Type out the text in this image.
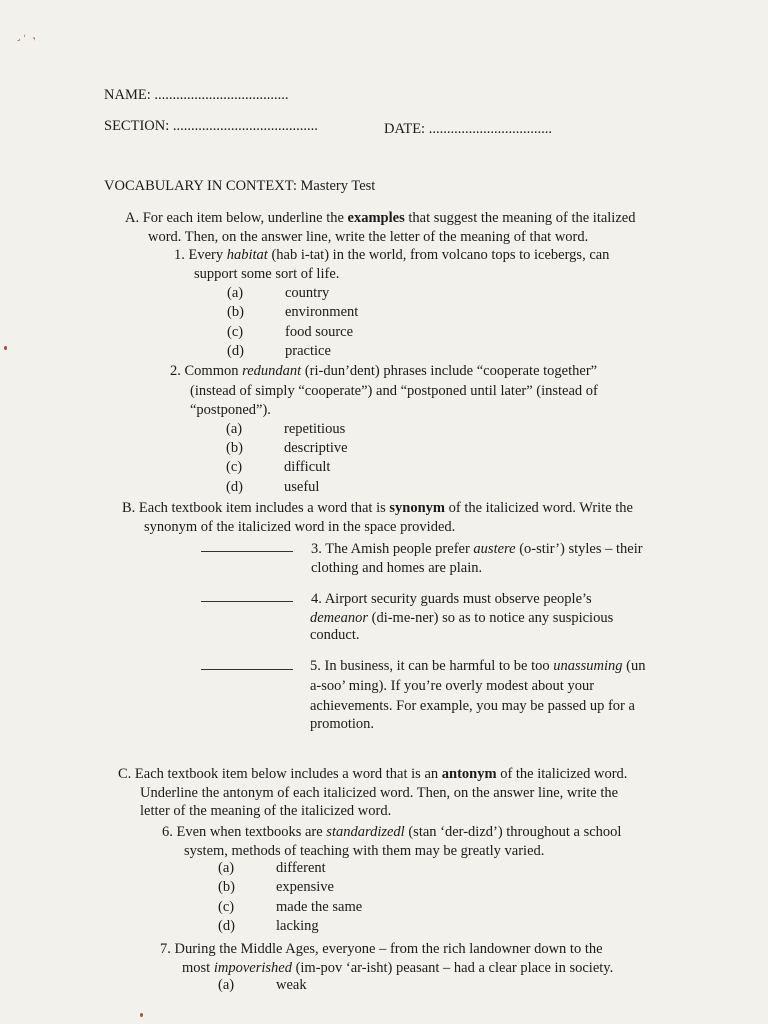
˘ ´ ,
NAME: .....................................
SECTION: ........................................	DATE: ..................................
VOCABULARY IN CONTEXT: Mastery Test
A. For each item below, underline the examples that suggest the meaning of the italized
word. Then, on the answer line, write the letter of the meaning of that word.
1. Every habitat (hab i-tat) in the world, from volcano tops to icebergs, can
support some sort of life.
(a)	country
(b)	environment
(c)	food source
(d)	practice
2. Common redundant (ri-dun’dent) phrases include “cooperate together”
(instead of simply “cooperate”) and “postponed until later” (instead of
“postponed”).
(a)	repetitious
(b)	descriptive
(c)	difficult
(d)	useful
B. Each textbook item includes a word that is synonym of the italicized word. Write the
synonym of the italicized word in the space provided.
3. The Amish people prefer austere (o-stir’) styles – their
clothing and homes are plain.
4. Airport security guards must observe people’s
demeanor (di-me-ner) so as to notice any suspicious
conduct.
5. In business, it can be harmful to be too unassuming (un
a-soo’ ming). If you’re overly modest about your
achievements. For example, you may be passed up for a
promotion.
C. Each textbook item below includes a word that is an antonym of the italicized word.
Underline the antonym of each italicized word. Then, on the answer line, write the
letter of the meaning of the italicized word.
6. Even when textbooks are standardizedl (stan ‘der-dizd’) throughout a school
system, methods of teaching with them may be greatly varied.
(a)	different
(b)	expensive
(c)	made the same
(d)	lacking
7. During the Middle Ages, everyone – from the rich landowner down to the
most impoverished (im-pov ‘ar-isht) peasant – had a clear place in society.
(a)	weak
